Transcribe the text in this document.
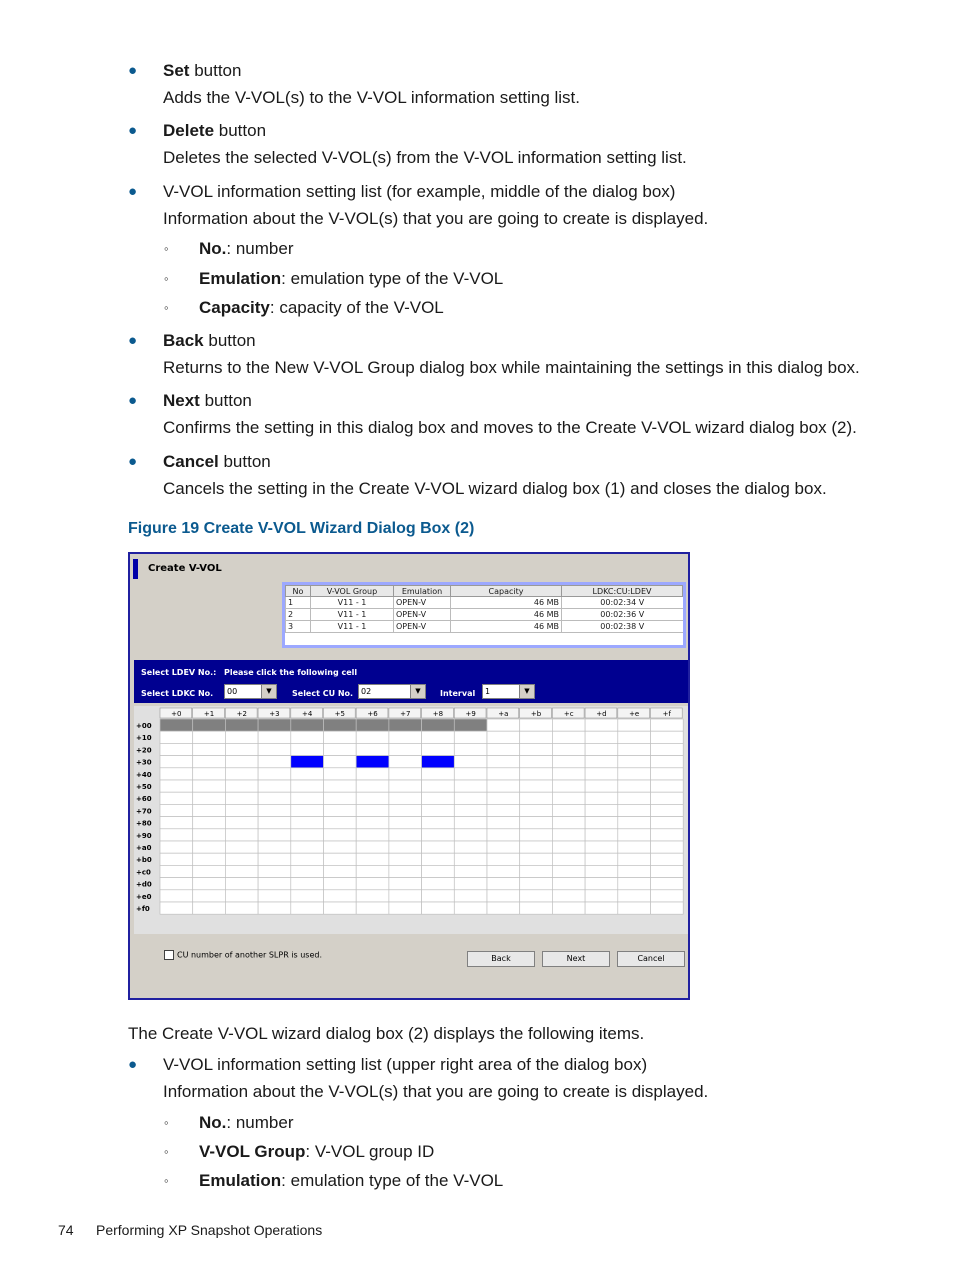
● Set button
Adds the V-VOL(s) to the V-VOL information setting list.
● Delete button
Deletes the selected V-VOL(s) from the V-VOL information setting list.
● V-VOL information setting list (for example, middle of the dialog box)
Information about the V-VOL(s) that you are going to create is displayed.
◦ No.: number
◦ Emulation: emulation type of the V-VOL
◦ Capacity: capacity of the V-VOL
● Back button
Returns to the New V-VOL Group dialog box while maintaining the settings in this dialog box.
● Next button
Confirms the setting in this dialog box and moves to the Create V-VOL wizard dialog box (2).
● Cancel button
Cancels the setting in the Create V-VOL wizard dialog box (1) and closes the dialog box.
Figure 19 Create V-VOL Wizard Dialog Box (2)
Create V-VOL
No	V-VOL Group	Emulation	Capacity	LDKC:CU:LDEV
1	V11 - 1	OPEN-V	46 MB	00:02:34 V
2	V11 - 1	OPEN-V	46 MB	00:02:36 V
3	V11 - 1	OPEN-V	46 MB	00:02:38 V
Select LDEV No.: Please click the following cell
Select LDKC No.	00	▼	Select CU No. 02	▼	Interval	1	▼
+0	+1	+2	+3	+4	+5	+6	+7	+8	+9	+a	+b	+c	+d	+e	+f
+00
+10
+20
+30
+40
+50
+60
+70
+80
+90
+a0
+b0
+c0
+d0
+e0
+f0
CU number of another SLPR is used.	Back	Next	Cancel
The Create V-VOL wizard dialog box (2) displays the following items.
● V-VOL information setting list (upper right area of the dialog box)
Information about the V-VOL(s) that you are going to create is displayed.
◦ No.: number
◦ V-VOL Group: V-VOL group ID
◦ Emulation: emulation type of the V-VOL
74 Performing XP Snapshot Operations
